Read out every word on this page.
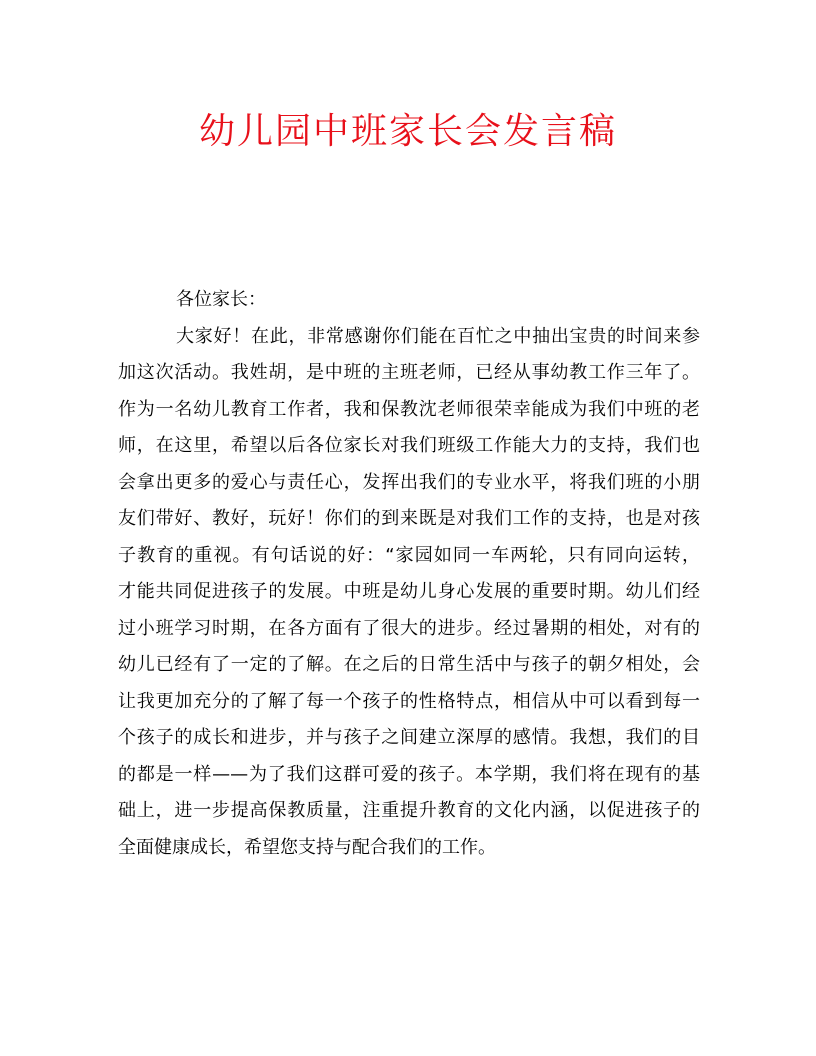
幼儿园中班家长会发言稿
各位家长：
大家好！在此，非常感谢你们能在百忙之中抽出宝贵的时间来参
加这次活动。我姓胡，是中班的主班老师，已经从事幼教工作三年了。
作为一名幼儿教育工作者，我和保教沈老师很荣幸能成为我们中班的老
师，在这里，希望以后各位家长对我们班级工作能大力的支持，我们也
会拿出更多的爱心与责任心，发挥出我们的专业水平，将我们班的小朋
友们带好、教好，玩好！你们的到来既是对我们工作的支持，也是对孩
子教育的重视。有句话说的好：“家园如同一车两轮，只有同向运转，
才能共同促进孩子的发展。中班是幼儿身心发展的重要时期。幼儿们经
过小班学习时期，在各方面有了很大的进步。经过暑期的相处，对有的
幼儿已经有了一定的了解。在之后的日常生活中与孩子的朝夕相处，会
让我更加充分的了解了每一个孩子的性格特点，相信从中可以看到每一
个孩子的成长和进步，并与孩子之间建立深厚的感情。我想，我们的目
的都是一样——为了我们这群可爱的孩子。本学期，我们将在现有的基
础上，进一步提高保教质量，注重提升教育的文化内涵，以促进孩子的
全面健康成长，希望您支持与配合我们的工作。
